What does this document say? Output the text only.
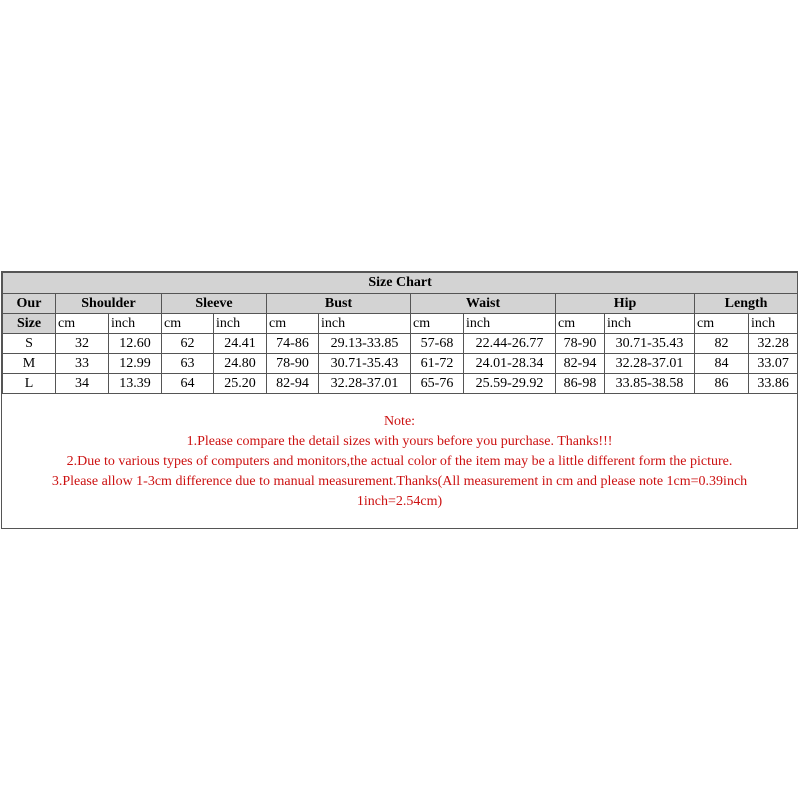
Size Chart												
Our	Shoulder		Sleeve		Bust		Waist		Hip		Length	
Size	cm	inch	cm	inch	cm	inch	cm	inch	cm	inch	cm	inch
S	32	12.60	62	24.41	74-86	29.13-33.85	57-68	22.44-26.77	78-90	30.71-35.43	82	32.28
M	33	12.99	63	24.80	78-90	30.71-35.43	61-72	24.01-28.34	82-94	32.28-37.01	84	33.07
L	34	13.39	64	25.20	82-94	32.28-37.01	65-76	25.59-29.92	86-98	33.85-38.58	86	33.86
Note:
1.Please compare the detail sizes with yours before you purchase. Thanks!!!
2.Due to various types of computers and monitors,the actual color of the item may be a little different form the picture.
3.Please allow 1-3cm difference due to manual measurement.Thanks(All measurement in cm and please note 1cm=0.39inch
1inch=2.54cm)
